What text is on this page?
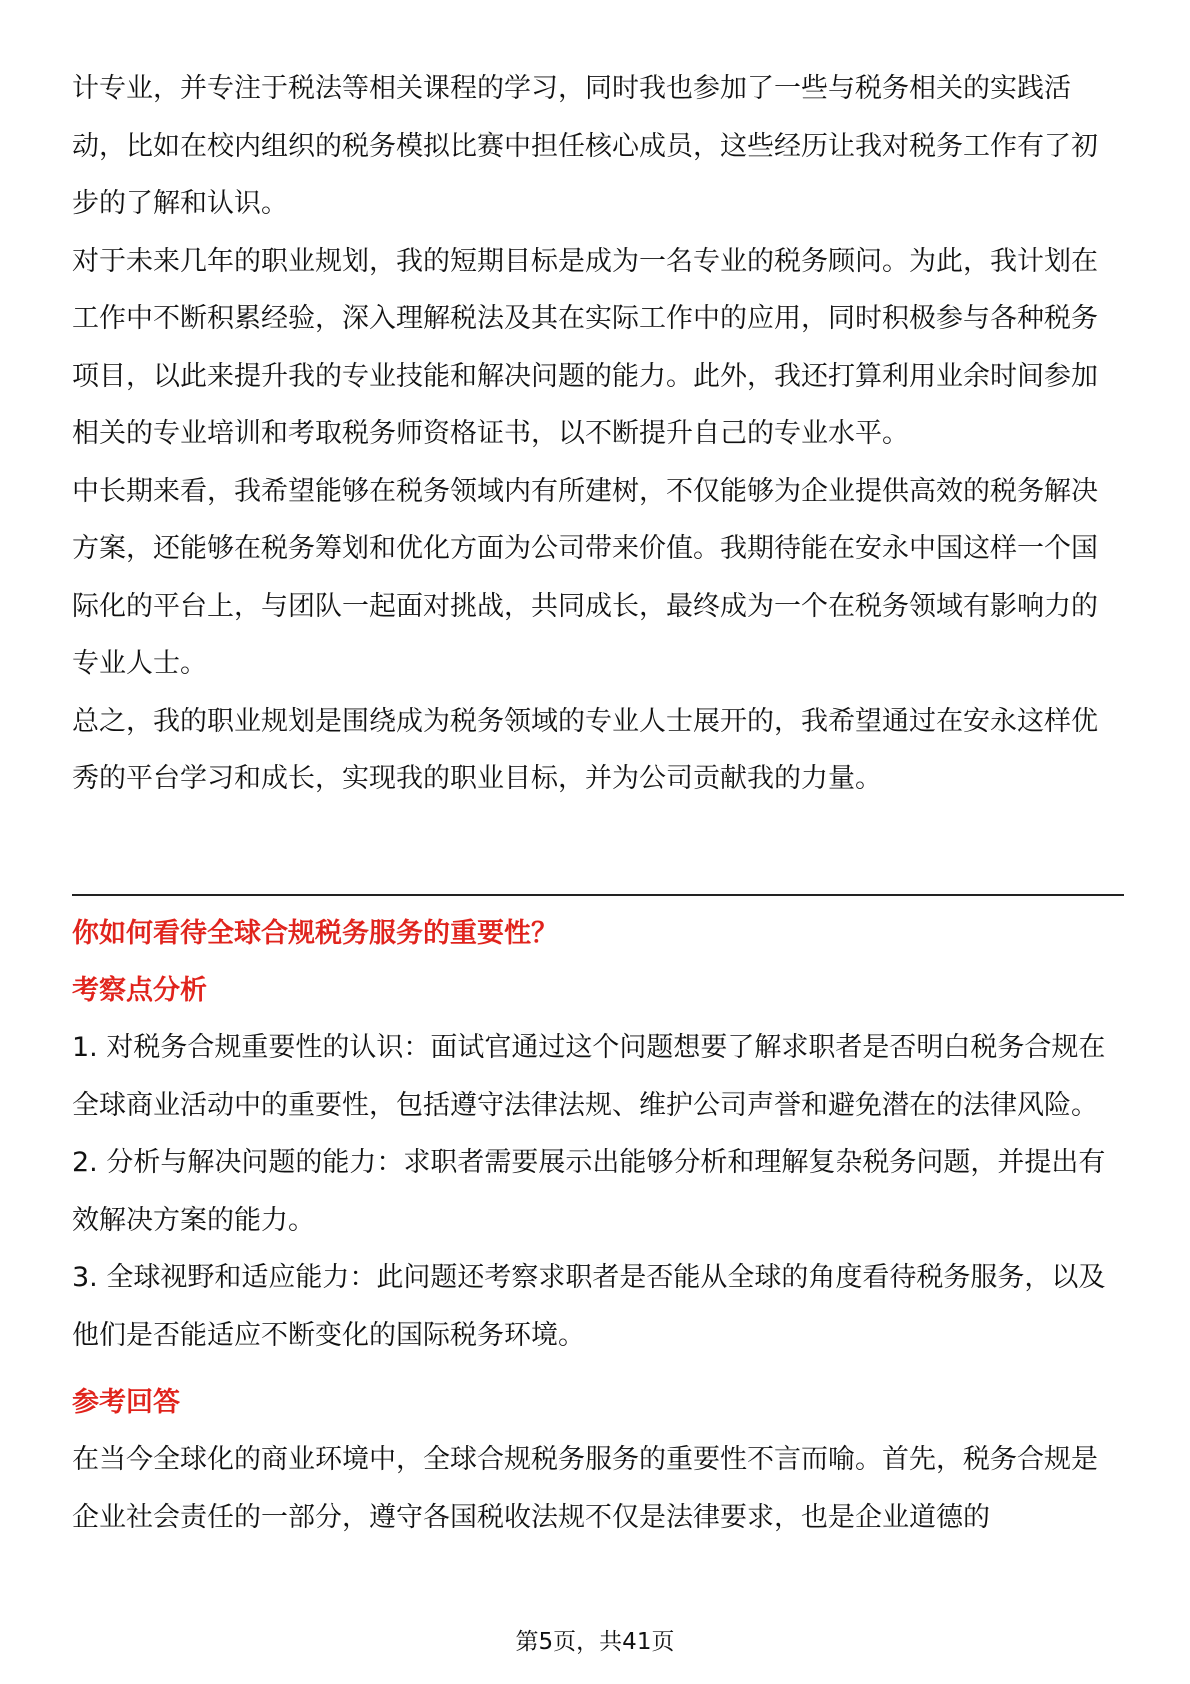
计专业，并专注于税法等相关课程的学习，同时我也参加了一些与税务相关的实践活动，比如在校内组织的税务模拟比赛中担任核心成员，这些经历让我对税务工作有了初步的了解和认识。

对于未来几年的职业规划，我的短期目标是成为一名专业的税务顾问。为此，我计划在工作中不断积累经验，深入理解税法及其在实际工作中的应用，同时积极参与各种税务项目，以此来提升我的专业技能和解决问题的能力。此外，我还打算利用业余时间参加相关的专业培训和考取税务师资格证书，以不断提升自己的专业水平。

中长期来看，我希望能够在税务领域内有所建树，不仅能够为企业提供高效的税务解决方案，还能够在税务筹划和优化方面为公司带来价值。我期待能在安永中国这样一个国际化的平台上，与团队一起面对挑战，共同成长，最终成为一个在税务领域有影响力的专业人士。

总之，我的职业规划是围绕成为税务领域的专业人士展开的，我希望通过在安永这样优秀的平台学习和成长，实现我的职业目标，并为公司贡献我的力量。

你如何看待全球合规税务服务的重要性？
考察点分析

1. 对税务合规重要性的认识：面试官通过这个问题想要了解求职者是否明白税务合规在全球商业活动中的重要性，包括遵守法律法规、维护公司声誉和避免潜在的法律风险。

2. 分析与解决问题的能力：求职者需要展示出能够分析和理解复杂税务问题，并提出有效解决方案的能力。

3. 全球视野和适应能力：此问题还考察求职者是否能从全球的角度看待税务服务，以及他们是否能适应不断变化的国际税务环境。

参考回答

在当今全球化的商业环境中，全球合规税务服务的重要性不言而喻。首先，税务合规是企业社会责任的一部分，遵守各国税收法规不仅是法律要求，也是企业道德的

第5页，共41页
